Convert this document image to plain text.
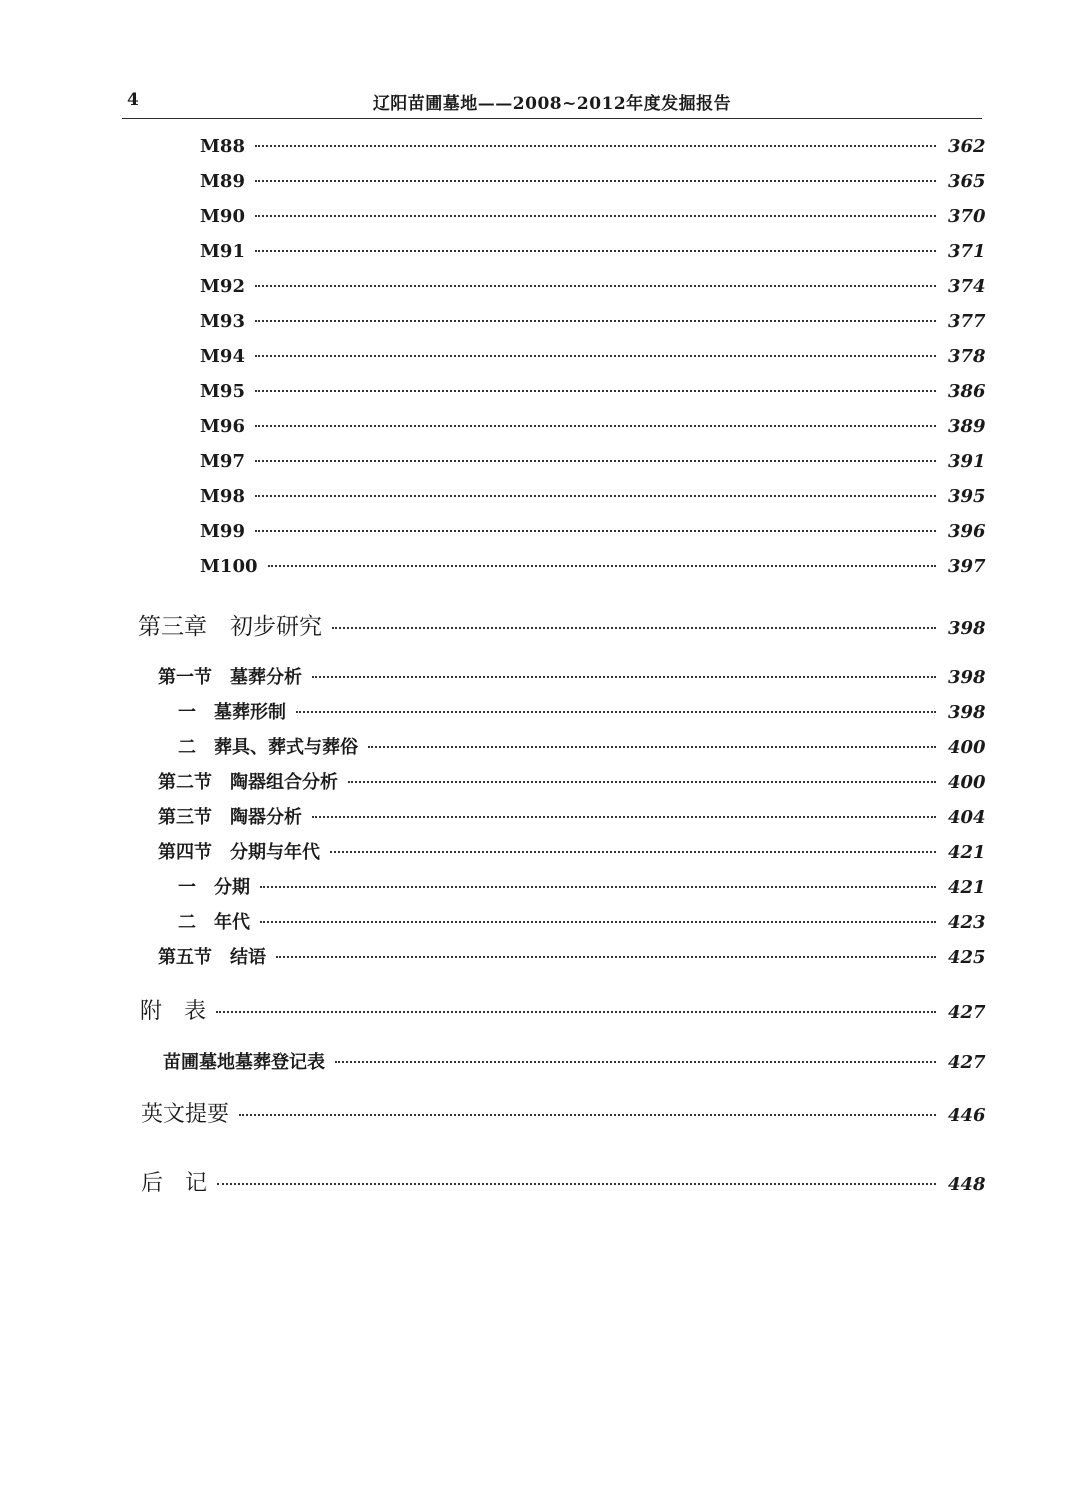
4	辽阳苗圃墓地——2008~2012年度发掘报告
M88	362
M89	365
M90	370
M91	371
M92	374
M93	377
M94	378
M95	386
M96	389
M97	391
M98	395
M99	396
M100	397
第三章　初步研究	398
第一节　墓葬分析	398
一　墓葬形制	398
二　葬具、葬式与葬俗	400
第二节　陶器组合分析	400
第三节　陶器分析	404
第四节　分期与年代	421
一　分期	421
二　年代	423
第五节　结语	425
附　表	427
苗圃墓地墓葬登记表	427
英文提要	446
后　记	448
